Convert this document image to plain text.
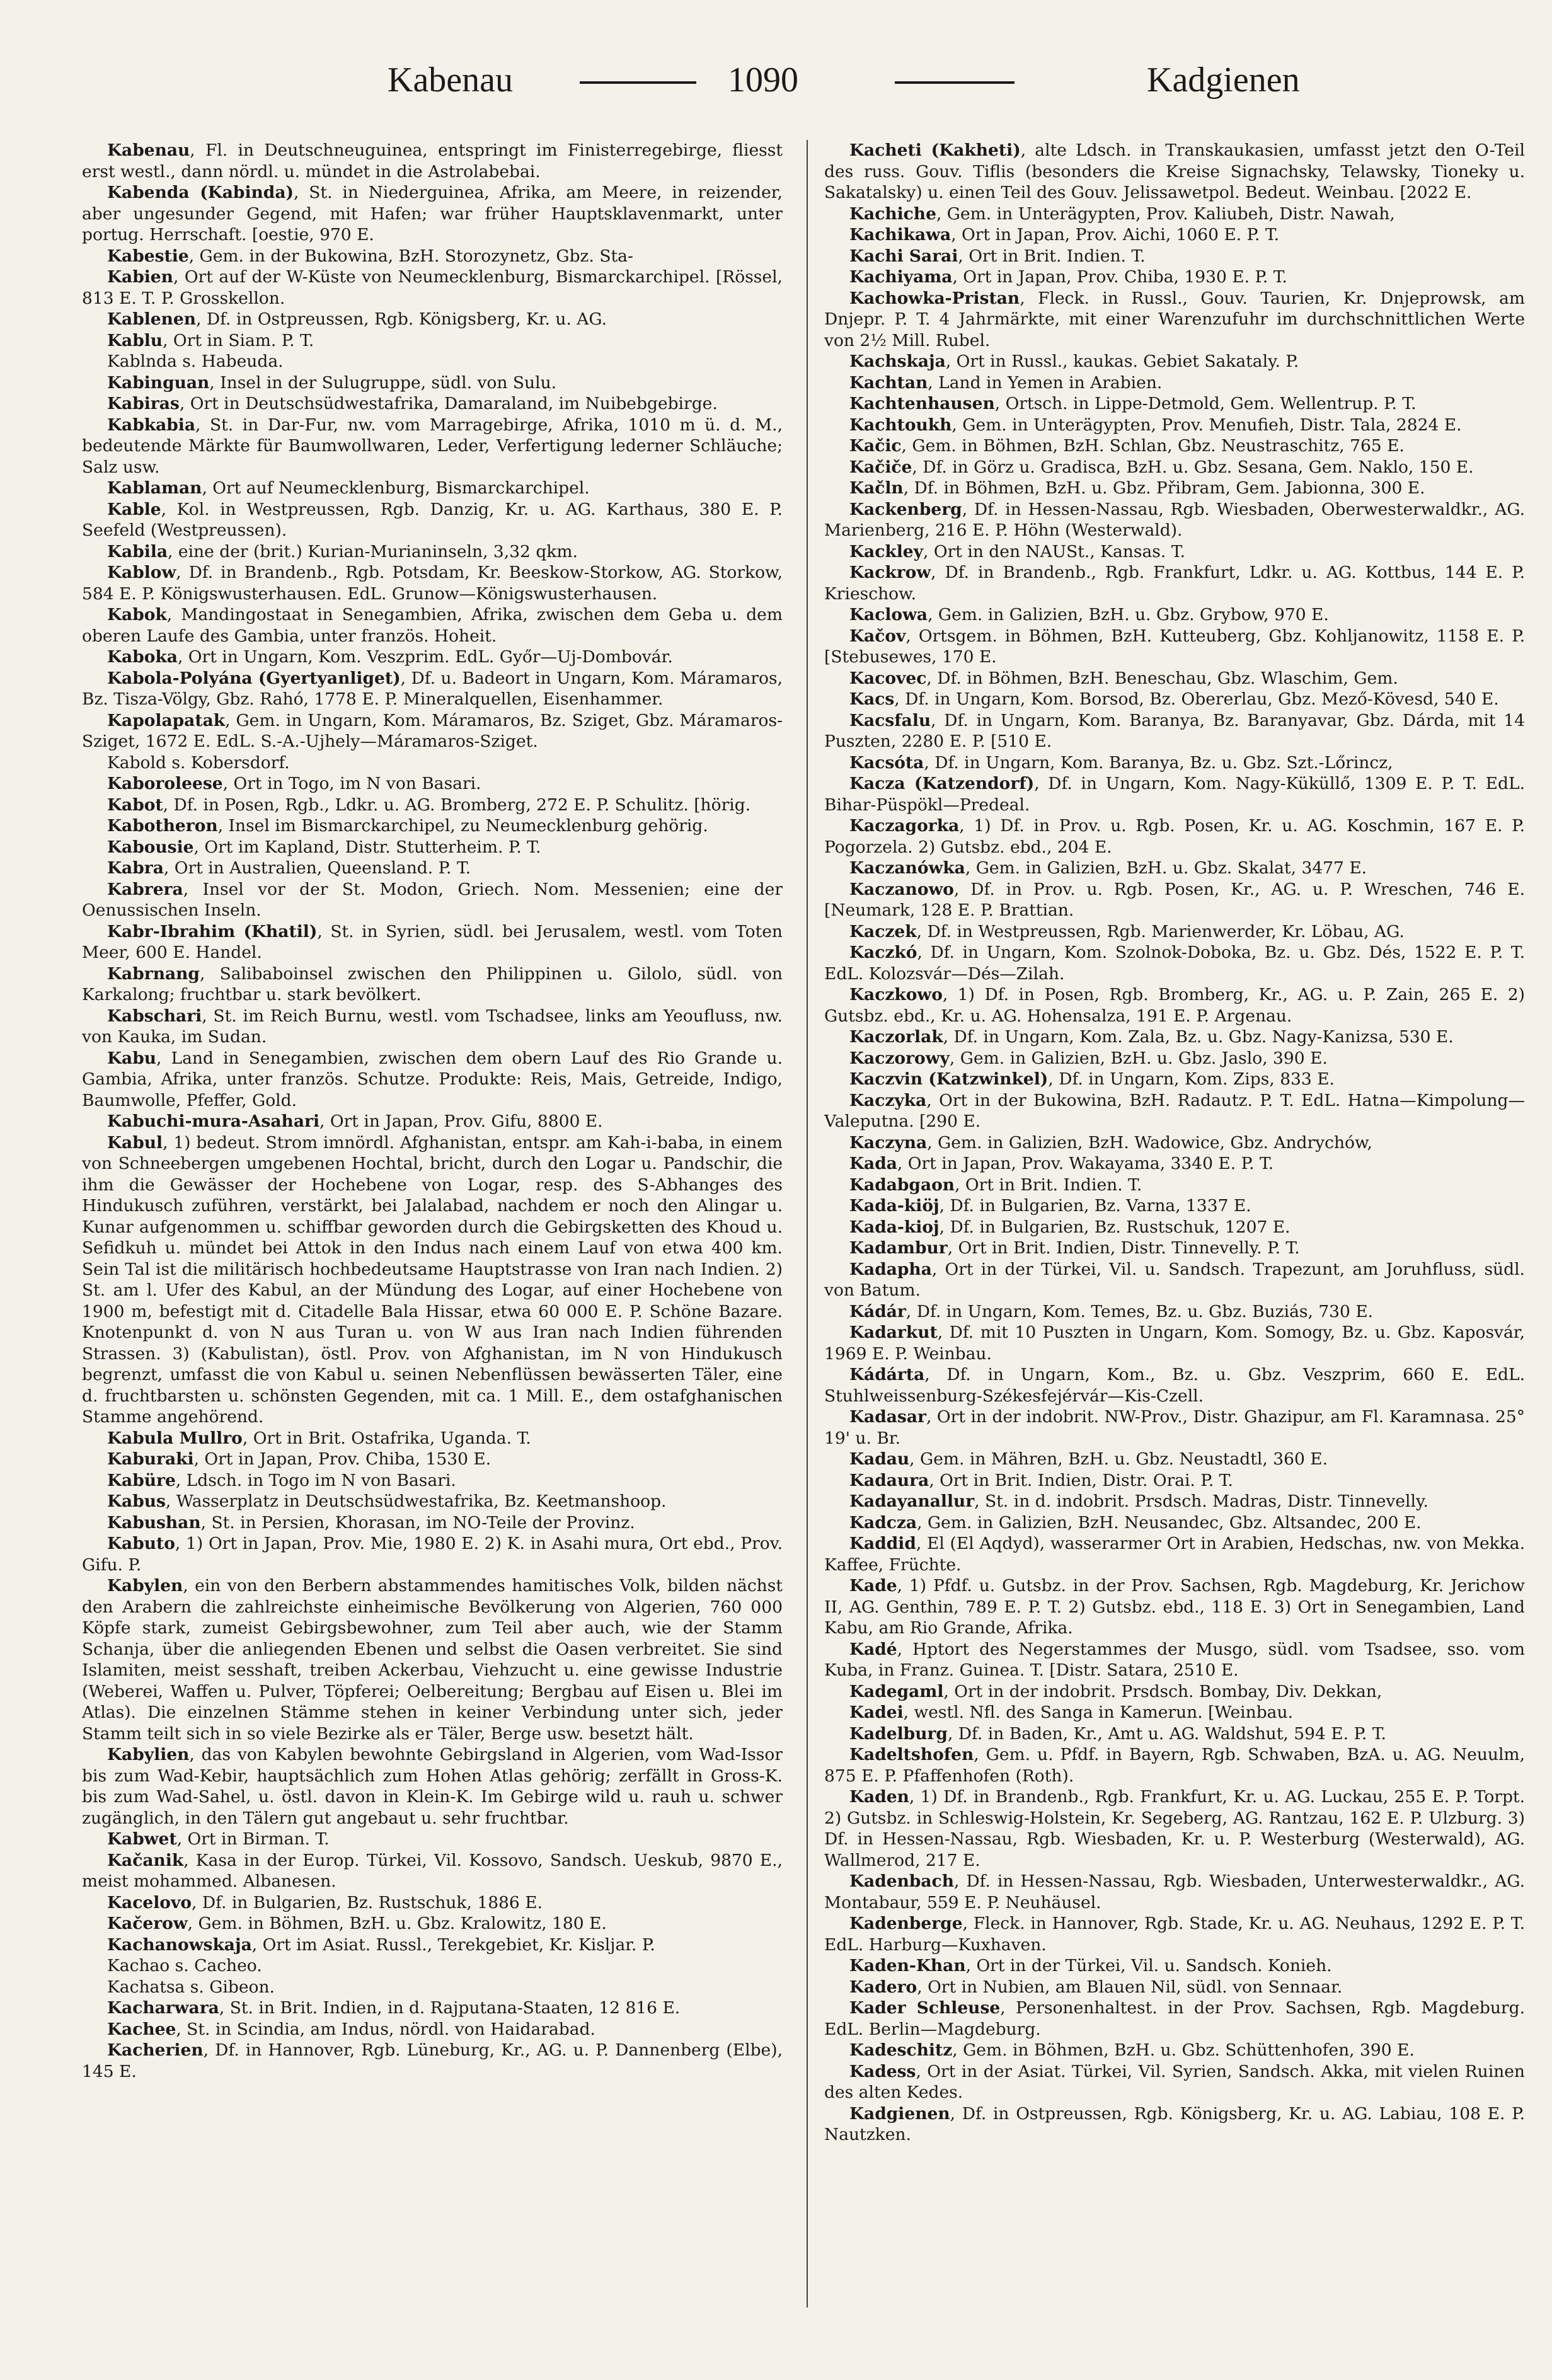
Kabenau	1090	Kadgienen

Kabenau, Fl. in Deutschneuguinea, entspringt im Finisterregebirge, fliesst erst westl., dann nördl. u. mündet in die Astrolabebai.

Kabenda (Kabinda), St. in Niederguinea, Afrika, am Meere, in reizender, aber ungesunder Gegend, mit Hafen; war früher Hauptsklavenmarkt, unter portug. Herrschaft. [oestie, 970 E.

Kabestie, Gem. in der Bukowina, BzH. Storozynetz, Gbz. Sta-

Kabien, Ort auf der W-Küste von Neumecklenburg, Bismarckarchipel. [Rössel, 813 E. T. P. Grosskellon.

Kablenen, Df. in Ostpreussen, Rgb. Königsberg, Kr. u. AG.

Kablu, Ort in Siam. P. T.

Kablnda s. Habeuda.

Kabinguan, Insel in der Sulugruppe, südl. von Sulu.

Kabiras, Ort in Deutschsüdwestafrika, Damaraland, im Nuibebgebirge.

Kabkabia, St. in Dar-Fur, nw. vom Marragebirge, Afrika, 1010 m ü. d. M., bedeutende Märkte für Baumwollwaren, Leder, Verfertigung lederner Schläuche; Salz usw.

Kablaman, Ort auf Neumecklenburg, Bismarckarchipel.

Kable, Kol. in Westpreussen, Rgb. Danzig, Kr. u. AG. Karthaus, 380 E. P. Seefeld (Westpreussen).

Kabila, eine der (brit.) Kurian-Murianinseln, 3,32 qkm.

Kablow, Df. in Brandenb., Rgb. Potsdam, Kr. Beeskow-Storkow, AG. Storkow, 584 E. P. Königswusterhausen. EdL. Grunow—Königswusterhausen.

Kabok, Mandingostaat in Senegambien, Afrika, zwischen dem Geba u. dem oberen Laufe des Gambia, unter französ. Hoheit.

Kaboka, Ort in Ungarn, Kom. Veszprim. EdL. Győr—Uj-Dombovár.

Kabola-Polyána (Gyertyanliget), Df. u. Badeort in Ungarn, Kom. Máramaros, Bz. Tisza-Völgy, Gbz. Rahó, 1778 E. P. Mineralquellen, Eisenhammer.

Kapolapatak, Gem. in Ungarn, Kom. Máramaros, Bz. Sziget, Gbz. Máramaros-Sziget, 1672 E. EdL. S.-A.-Ujhely—Máramaros-Sziget.

Kabold s. Kobersdorf.

Kaboroleese, Ort in Togo, im N von Basari.

Kabot, Df. in Posen, Rgb., Ldkr. u. AG. Bromberg, 272 E. P. Schulitz. [hörig.

Kabotheron, Insel im Bismarckarchipel, zu Neumecklenburg gehörig.

Kabousie, Ort im Kapland, Distr. Stutterheim. P. T.

Kabra, Ort in Australien, Queensland. P. T.

Kabrera, Insel vor der St. Modon, Griech. Nom. Messenien; eine der Oenussischen Inseln.

Kabr-Ibrahim (Khatil), St. in Syrien, südl. bei Jerusalem, westl. vom Toten Meer, 600 E. Handel.

Kabrnang, Salibaboinsel zwischen den Philippinen u. Gilolo, südl. von Karkalong; fruchtbar u. stark bevölkert.

Kabschari, St. im Reich Burnu, westl. vom Tschadsee, links am Yeoufluss, nw. von Kauka, im Sudan.

Kabu, Land in Senegambien, zwischen dem obern Lauf des Rio Grande u. Gambia, Afrika, unter französ. Schutze. Produkte: Reis, Mais, Getreide, Indigo, Baumwolle, Pfeffer, Gold.

Kabuchi-mura-Asahari, Ort in Japan, Prov. Gifu, 8800 E.

Kabul, 1) bedeut. Strom imnördl. Afghanistan, entspr. am Kah-i-baba, in einem von Schneebergen umgebenen Hochtal, bricht, durch den Logar u. Pandschir, die ihm die Gewässer der Hochebene von Logar, resp. des S-Abhanges des Hindukusch zuführen, verstärkt, bei Jalalabad, nachdem er noch den Alingar u. Kunar aufgenommen u. schiffbar geworden durch die Gebirgsketten des Khoud u. Sefidkuh u. mündet bei Attok in den Indus nach einem Lauf von etwa 400 km. Sein Tal ist die militärisch hochbedeutsame Hauptstrasse von Iran nach Indien. 2) St. am l. Ufer des Kabul, an der Mündung des Logar, auf einer Hochebene von 1900 m, befestigt mit d. Citadelle Bala Hissar, etwa 60 000 E. P. Schöne Bazare. Knotenpunkt d. von N aus Turan u. von W aus Iran nach Indien führenden Strassen. 3) (Kabulistan), östl. Prov. von Afghanistan, im N von Hindukusch begrenzt, umfasst die von Kabul u. seinen Nebenflüssen bewässerten Täler, eine d. fruchtbarsten u. schönsten Gegenden, mit ca. 1 Mill. E., dem ostafghanischen Stamme angehörend.

Kabula Mullro, Ort in Brit. Ostafrika, Uganda. T.

Kaburaki, Ort in Japan, Prov. Chiba, 1530 E.

Kabüre, Ldsch. in Togo im N von Basari.

Kabus, Wasserplatz in Deutschsüdwestafrika, Bz. Keetmanshoop.

Kabushan, St. in Persien, Khorasan, im NO-Teile der Provinz.

Kabuto, 1) Ort in Japan, Prov. Mie, 1980 E. 2) K. in Asahi mura, Ort ebd., Prov. Gifu. P.

Kabylen, ein von den Berbern abstammendes hamitisches Volk, bilden nächst den Arabern die zahlreichste einheimische Bevölkerung von Algerien, 760 000 Köpfe stark, zumeist Gebirgsbewohner, zum Teil aber auch, wie der Stamm Schanja, über die anliegenden Ebenen und selbst die Oasen verbreitet. Sie sind Islamiten, meist sesshaft, treiben Ackerbau, Viehzucht u. eine gewisse Industrie (Weberei, Waffen u. Pulver, Töpferei; Oelbereitung; Bergbau auf Eisen u. Blei im Atlas). Die einzelnen Stämme stehen in keiner Verbindung unter sich, jeder Stamm teilt sich in so viele Bezirke als er Täler, Berge usw. besetzt hält.

Kabylien, das von Kabylen bewohnte Gebirgsland in Algerien, vom Wad-Issor bis zum Wad-Kebir, hauptsächlich zum Hohen Atlas gehörig; zerfällt in Gross-K. bis zum Wad-Sahel, u. östl. davon in Klein-K. Im Gebirge wild u. rauh u. schwer zugänglich, in den Tälern gut angebaut u. sehr fruchtbar.

Kabwet, Ort in Birman. T.

Kačanik, Kasa in der Europ. Türkei, Vil. Kossovo, Sandsch. Ueskub, 9870 E., meist mohammed. Albanesen.

Kacelovo, Df. in Bulgarien, Bz. Rustschuk, 1886 E.

Kačerow, Gem. in Böhmen, BzH. u. Gbz. Kralowitz, 180 E.

Kachanowskaja, Ort im Asiat. Russl., Terekgebiet, Kr. Kisljar. P.

Kachao s. Cacheo.

Kachatsa s. Gibeon.

Kacharwara, St. in Brit. Indien, in d. Rajputana-Staaten, 12 816 E.

Kachee, St. in Scindia, am Indus, nördl. von Haidarabad.

Kacherien, Df. in Hannover, Rgb. Lüneburg, Kr., AG. u. P. Dannenberg (Elbe), 145 E.

Kacheti (Kakheti), alte Ldsch. in Transkaukasien, umfasst jetzt den O-Teil des russ. Gouv. Tiflis (besonders die Kreise Signachsky, Telawsky, Tioneky u. Sakatalsky) u. einen Teil des Gouv. Jelissawetpol. Bedeut. Weinbau. [2022 E.

Kachiche, Gem. in Unterägypten, Prov. Kaliubeh, Distr. Nawah,

Kachikawa, Ort in Japan, Prov. Aichi, 1060 E. P. T.

Kachi Sarai, Ort in Brit. Indien. T.

Kachiyama, Ort in Japan, Prov. Chiba, 1930 E. P. T.

Kachowka-Pristan, Fleck. in Russl., Gouv. Taurien, Kr. Dnjeprowsk, am Dnjepr. P. T. 4 Jahrmärkte, mit einer Warenzufuhr im durchschnittlichen Werte von 2½ Mill. Rubel.

Kachskaja, Ort in Russl., kaukas. Gebiet Sakataly. P.

Kachtan, Land in Yemen in Arabien.

Kachtenhausen, Ortsch. in Lippe-Detmold, Gem. Wellentrup. P. T.

Kachtoukh, Gem. in Unterägypten, Prov. Menufieh, Distr. Tala, 2824 E.

Kačic, Gem. in Böhmen, BzH. Schlan, Gbz. Neustraschitz, 765 E.

Kačiče, Df. in Görz u. Gradisca, BzH. u. Gbz. Sesana, Gem. Naklo, 150 E.

Kačln, Df. in Böhmen, BzH. u. Gbz. Přibram, Gem. Jabionna, 300 E.

Kackenberg, Df. in Hessen-Nassau, Rgb. Wiesbaden, Oberwesterwaldkr., AG. Marienberg, 216 E. P. Höhn (Westerwald).

Kackley, Ort in den NAUSt., Kansas. T.

Kackrow, Df. in Brandenb., Rgb. Frankfurt, Ldkr. u. AG. Kottbus, 144 E. P. Krieschow.

Kaclowa, Gem. in Galizien, BzH. u. Gbz. Grybow, 970 E.

Kačov, Ortsgem. in Böhmen, BzH. Kutteuberg, Gbz. Kohljanowitz, 1158 E. P. [Stebusewes, 170 E.

Kacovec, Df. in Böhmen, BzH. Beneschau, Gbz. Wlaschim, Gem.

Kacs, Df. in Ungarn, Kom. Borsod, Bz. Obererlau, Gbz. Mező-Kövesd, 540 E.

Kacsfalu, Df. in Ungarn, Kom. Baranya, Bz. Baranyavar, Gbz. Dárda, mit 14 Puszten, 2280 E. P. [510 E.

Kacsóta, Df. in Ungarn, Kom. Baranya, Bz. u. Gbz. Szt.-Lőrincz,

Kacza (Katzendorf), Df. in Ungarn, Kom. Nagy-Küküllő, 1309 E. P. T. EdL. Bihar-Püspökl—Predeal.

Kaczagorka, 1) Df. in Prov. u. Rgb. Posen, Kr. u. AG. Koschmin, 167 E. P. Pogorzela. 2) Gutsbz. ebd., 204 E.

Kaczanówka, Gem. in Galizien, BzH. u. Gbz. Skalat, 3477 E.

Kaczanowo, Df. in Prov. u. Rgb. Posen, Kr., AG. u. P. Wreschen, 746 E. [Neumark, 128 E. P. Brattian.

Kaczek, Df. in Westpreussen, Rgb. Marienwerder, Kr. Löbau, AG.

Kaczkó, Df. in Ungarn, Kom. Szolnok-Doboka, Bz. u. Gbz. Dés, 1522 E. P. T. EdL. Kolozsvár—Dés—Zilah.

Kaczkowo, 1) Df. in Posen, Rgb. Bromberg, Kr., AG. u. P. Zain, 265 E. 2) Gutsbz. ebd., Kr. u. AG. Hohensalza, 191 E. P. Argenau.

Kaczorlak, Df. in Ungarn, Kom. Zala, Bz. u. Gbz. Nagy-Kanizsa, 530 E.

Kaczorowy, Gem. in Galizien, BzH. u. Gbz. Jaslo, 390 E.

Kaczvin (Katzwinkel), Df. in Ungarn, Kom. Zips, 833 E.

Kaczyka, Ort in der Bukowina, BzH. Radautz. P. T. EdL. Hatna—Kimpolung—Valeputna. [290 E.

Kaczyna, Gem. in Galizien, BzH. Wadowice, Gbz. Andrychów,

Kada, Ort in Japan, Prov. Wakayama, 3340 E. P. T.

Kadabgaon, Ort in Brit. Indien. T.

Kada-kiöj, Df. in Bulgarien, Bz. Varna, 1337 E.

Kada-kioj, Df. in Bulgarien, Bz. Rustschuk, 1207 E.

Kadambur, Ort in Brit. Indien, Distr. Tinnevelly. P. T.

Kadapha, Ort in der Türkei, Vil. u. Sandsch. Trapezunt, am Joruhfluss, südl. von Batum.

Kádár, Df. in Ungarn, Kom. Temes, Bz. u. Gbz. Buziás, 730 E.

Kadarkut, Df. mit 10 Puszten in Ungarn, Kom. Somogy, Bz. u. Gbz. Kaposvár, 1969 E. P. Weinbau.

Kádárta, Df. in Ungarn, Kom., Bz. u. Gbz. Veszprim, 660 E. EdL. Stuhlweissenburg-Székesfejérvár—Kis-Czell.

Kadasar, Ort in der indobrit. NW-Prov., Distr. Ghazipur, am Fl. Karamnasa. 25° 19' u. Br.

Kadau, Gem. in Mähren, BzH. u. Gbz. Neustadtl, 360 E.

Kadaura, Ort in Brit. Indien, Distr. Orai. P. T.

Kadayanallur, St. in d. indobrit. Prsdsch. Madras, Distr. Tinnevelly.

Kadcza, Gem. in Galizien, BzH. Neusandec, Gbz. Altsandec, 200 E.

Kaddid, El (El Aqdyd), wasserarmer Ort in Arabien, Hedschas, nw. von Mekka. Kaffee, Früchte.

Kade, 1) Pfdf. u. Gutsbz. in der Prov. Sachsen, Rgb. Magdeburg, Kr. Jerichow II, AG. Genthin, 789 E. P. T. 2) Gutsbz. ebd., 118 E. 3) Ort in Senegambien, Land Kabu, am Rio Grande, Afrika.

Kadé, Hptort des Negerstammes der Musgo, südl. vom Tsadsee, sso. vom Kuba, in Franz. Guinea. T. [Distr. Satara, 2510 E.

Kadegaml, Ort in der indobrit. Prsdsch. Bombay, Div. Dekkan,

Kadei, westl. Nfl. des Sanga in Kamerun. [Weinbau.

Kadelburg, Df. in Baden, Kr., Amt u. AG. Waldshut, 594 E. P. T.

Kadeltshofen, Gem. u. Pfdf. in Bayern, Rgb. Schwaben, BzA. u. AG. Neuulm, 875 E. P. Pfaffenhofen (Roth).

Kaden, 1) Df. in Brandenb., Rgb. Frankfurt, Kr. u. AG. Luckau, 255 E. P. Torpt. 2) Gutsbz. in Schleswig-Holstein, Kr. Segeberg, AG. Rantzau, 162 E. P. Ulzburg. 3) Df. in Hessen-Nassau, Rgb. Wiesbaden, Kr. u. P. Westerburg (Westerwald), AG. Wallmerod, 217 E.

Kadenbach, Df. in Hessen-Nassau, Rgb. Wiesbaden, Unterwesterwaldkr., AG. Montabaur, 559 E. P. Neuhäusel.

Kadenberge, Fleck. in Hannover, Rgb. Stade, Kr. u. AG. Neuhaus, 1292 E. P. T. EdL. Harburg—Kuxhaven.

Kaden-Khan, Ort in der Türkei, Vil. u. Sandsch. Konieh.

Kadero, Ort in Nubien, am Blauen Nil, südl. von Sennaar.

Kader Schleuse, Personenhaltest. in der Prov. Sachsen, Rgb. Magdeburg. EdL. Berlin—Magdeburg.

Kadeschitz, Gem. in Böhmen, BzH. u. Gbz. Schüttenhofen, 390 E.

Kadess, Ort in der Asiat. Türkei, Vil. Syrien, Sandsch. Akka, mit vielen Ruinen des alten Kedes.

Kadgienen, Df. in Ostpreussen, Rgb. Königsberg, Kr. u. AG. Labiau, 108 E. P. Nautzken.
